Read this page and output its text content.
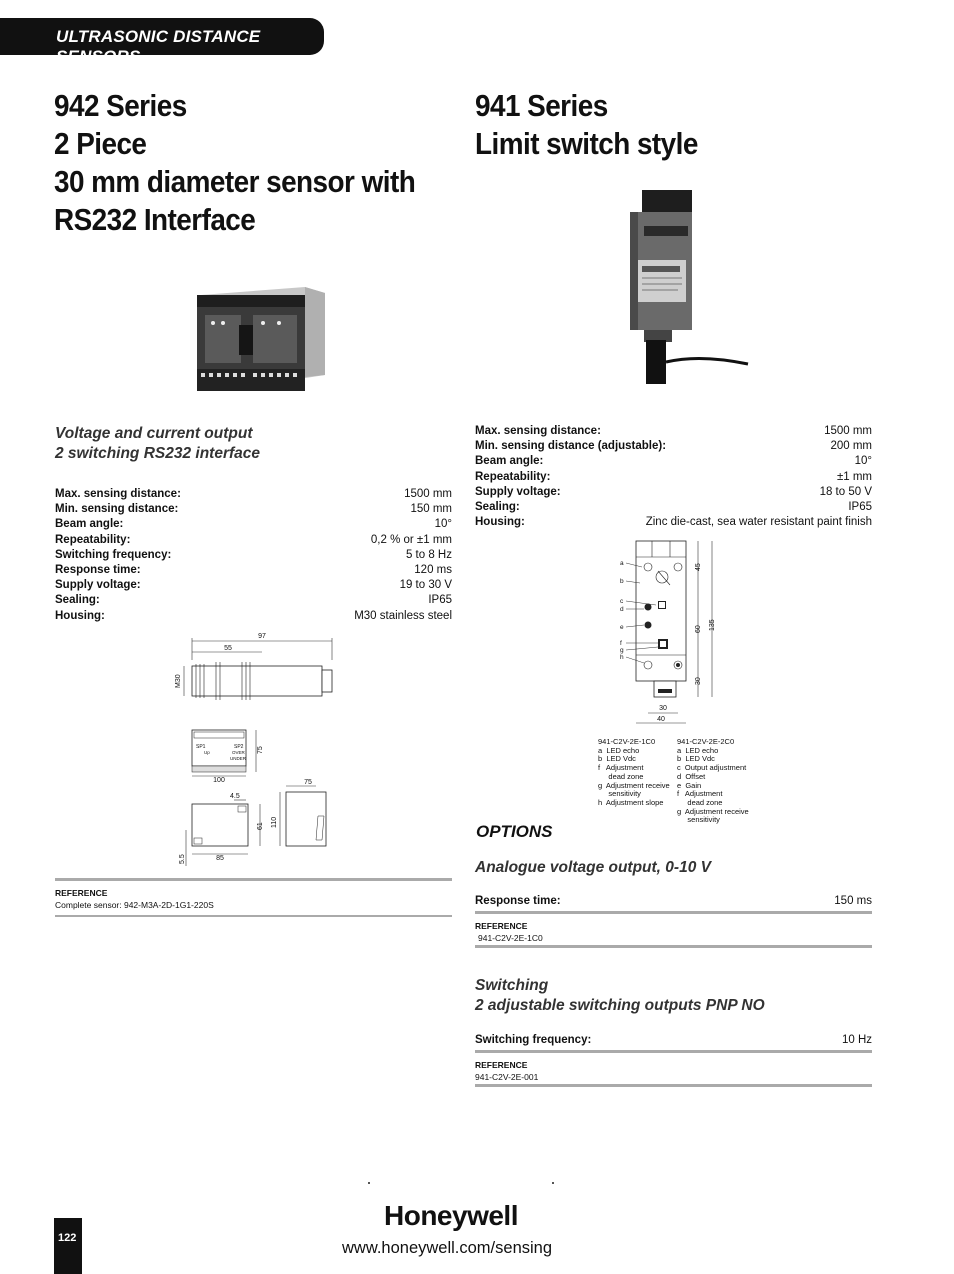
ULTRASONIC DISTANCE SENSORS
942 Series
2 Piece
30 mm diameter sensor with
RS232 Interface
Voltage and current output
2 switching RS232 interface
Max. sensing distance:	1500 mm
Min. sensing distance:	150 mm
Beam angle:	10°
Repeatability:	0,2 % or ±1 mm
Switching frequency:	5 to 8 Hz
Response time:	120 ms
Supply voltage:	19 to 30 V
Sealing:	IP65
Housing:	M30 stainless steel
97
55
M30
SP1	SP2
OVER
UNDER
Up
100
75
75
110
4.5
61
85
5.5
REFERENCE
Complete sensor: 942-M3A-2D-1G1-220S
941 Series
Limit switch style
Max. sensing distance:	1500 mm
Min. sensing distance (adjustable):	200 mm
Beam angle:	10°
Repeatability:	±1 mm
Supply voltage:	18 to 50 V
Sealing:	IP65
Housing:	Zinc die-cast, sea water resistant paint finish
a
b
c
d
e
f
g
h
45
60
30
135
30
40
941-C2V-2E-1C0
a  LED echo
b  LED Vdc
f   Adjustment
dead zone
g  Adjustment receive
sensitivity
h  Adjustment slope
941-C2V-2E-2C0
a  LED echo
b  LED Vdc
c  Output adjustment
d  Offset
e  Gain
f   Adjustment
dead zone
g  Adjustment receive
sensitivity
OPTIONS
Analogue voltage output, 0-10 V
Response time:	150 ms
REFERENCE
941-C2V-2E-1C0
Switching
2 adjustable switching outputs PNP NO
Switching frequency:	10 Hz
REFERENCE
941-C2V-2E-001
Honeywell
www.honeywell.com/sensing
122
